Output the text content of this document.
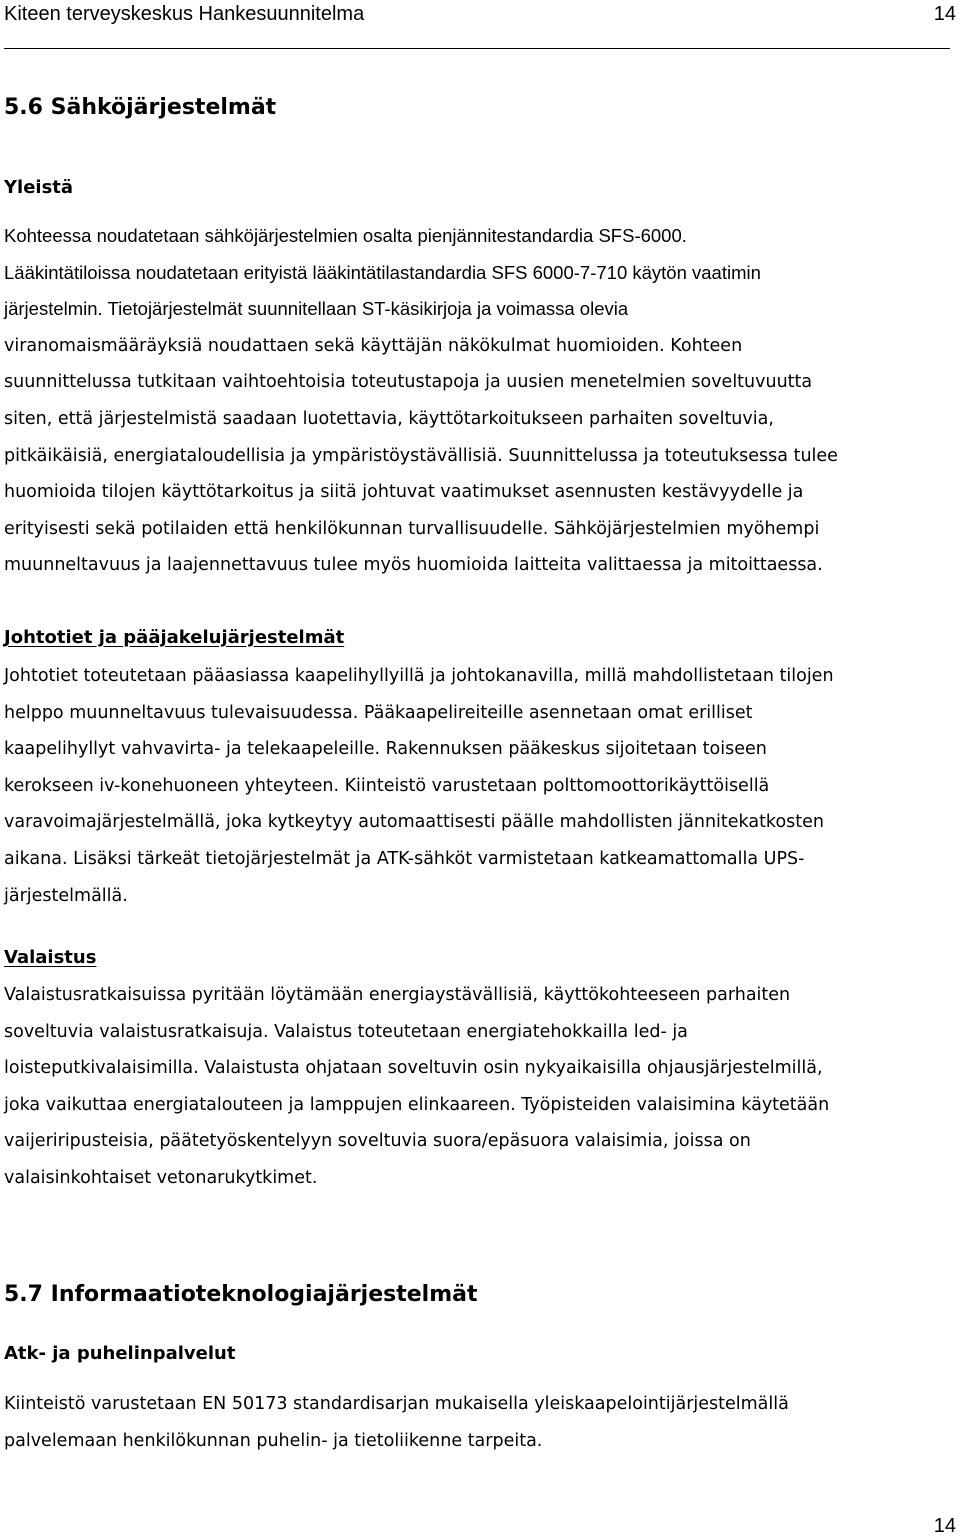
Kiteen terveyskeskus Hankesuunnitelma	14
5.6 Sähköjärjestelmät
Yleistä
Kohteessa noudatetaan sähköjärjestelmien osalta pienjännitestandardia SFS-6000.
Lääkintätiloissa noudatetaan erityistä lääkintätilastandardia SFS 6000-7-710 käytön vaatimin
järjestelmin. Tietojärjestelmät suunnitellaan ST-käsikirjoja ja voimassa olevia
viranomaismääräyksiä noudattaen sekä käyttäjän näkökulmat huomioiden. Kohteen
suunnittelussa tutkitaan vaihtoehtoisia toteutustapoja ja uusien menetelmien soveltuvuutta
siten, että järjestelmistä saadaan luotettavia, käyttötarkoitukseen parhaiten soveltuvia,
pitkäikäisiä, energiataloudellisia ja ympäristöystävällisiä. Suunnittelussa ja toteutuksessa tulee
huomioida tilojen käyttötarkoitus ja siitä johtuvat vaatimukset asennusten kestävyydelle ja
erityisesti sekä potilaiden että henkilökunnan turvallisuudelle. Sähköjärjestelmien myöhempi
muunneltavuus ja laajennettavuus tulee myös huomioida laitteita valittaessa ja mitoittaessa.
Johtotiet ja pääjakelujärjestelmät
Johtotiet toteutetaan pääasiassa kaapelihyllyillä ja johtokanavilla, millä mahdollistetaan tilojen
helppo muunneltavuus tulevaisuudessa. Pääkaapelireiteille asennetaan omat erilliset
kaapelihyllyt vahvavirta- ja telekaapeleille. Rakennuksen pääkeskus sijoitetaan toiseen
kerokseen iv-konehuoneen yhteyteen. Kiinteistö varustetaan polttomoottorikäyttöisellä
varavoimajärjestelmällä, joka kytkeytyy automaattisesti päälle mahdollisten jännitekatkosten
aikana. Lisäksi tärkeät tietojärjestelmät ja ATK-sähköt varmistetaan katkeamattomalla UPS-
järjestelmällä.
Valaistus
Valaistusratkaisuissa pyritään löytämään energiaystävällisiä, käyttökohteeseen parhaiten
soveltuvia valaistusratkaisuja. Valaistus toteutetaan energiatehokkailla led- ja
loisteputkivalaisimilla. Valaistusta ohjataan soveltuvin osin nykyaikaisilla ohjausjärjestelmillä,
joka vaikuttaa energiatalouteen ja lamppujen elinkaareen. Työpisteiden valaisimina käytetään
vaijeriripusteisia, päätetyöskentelyyn soveltuvia suora/epäsuora valaisimia, joissa on
valaisinkohtaiset vetonarukytkimet.
5.7 Informaatioteknologiajärjestelmät
Atk- ja puhelinpalvelut
Kiinteistö varustetaan EN 50173 standardisarjan mukaisella yleiskaapelointijärjestelmällä
palvelemaan henkilökunnan puhelin- ja tietoliikenne tarpeita.
14
